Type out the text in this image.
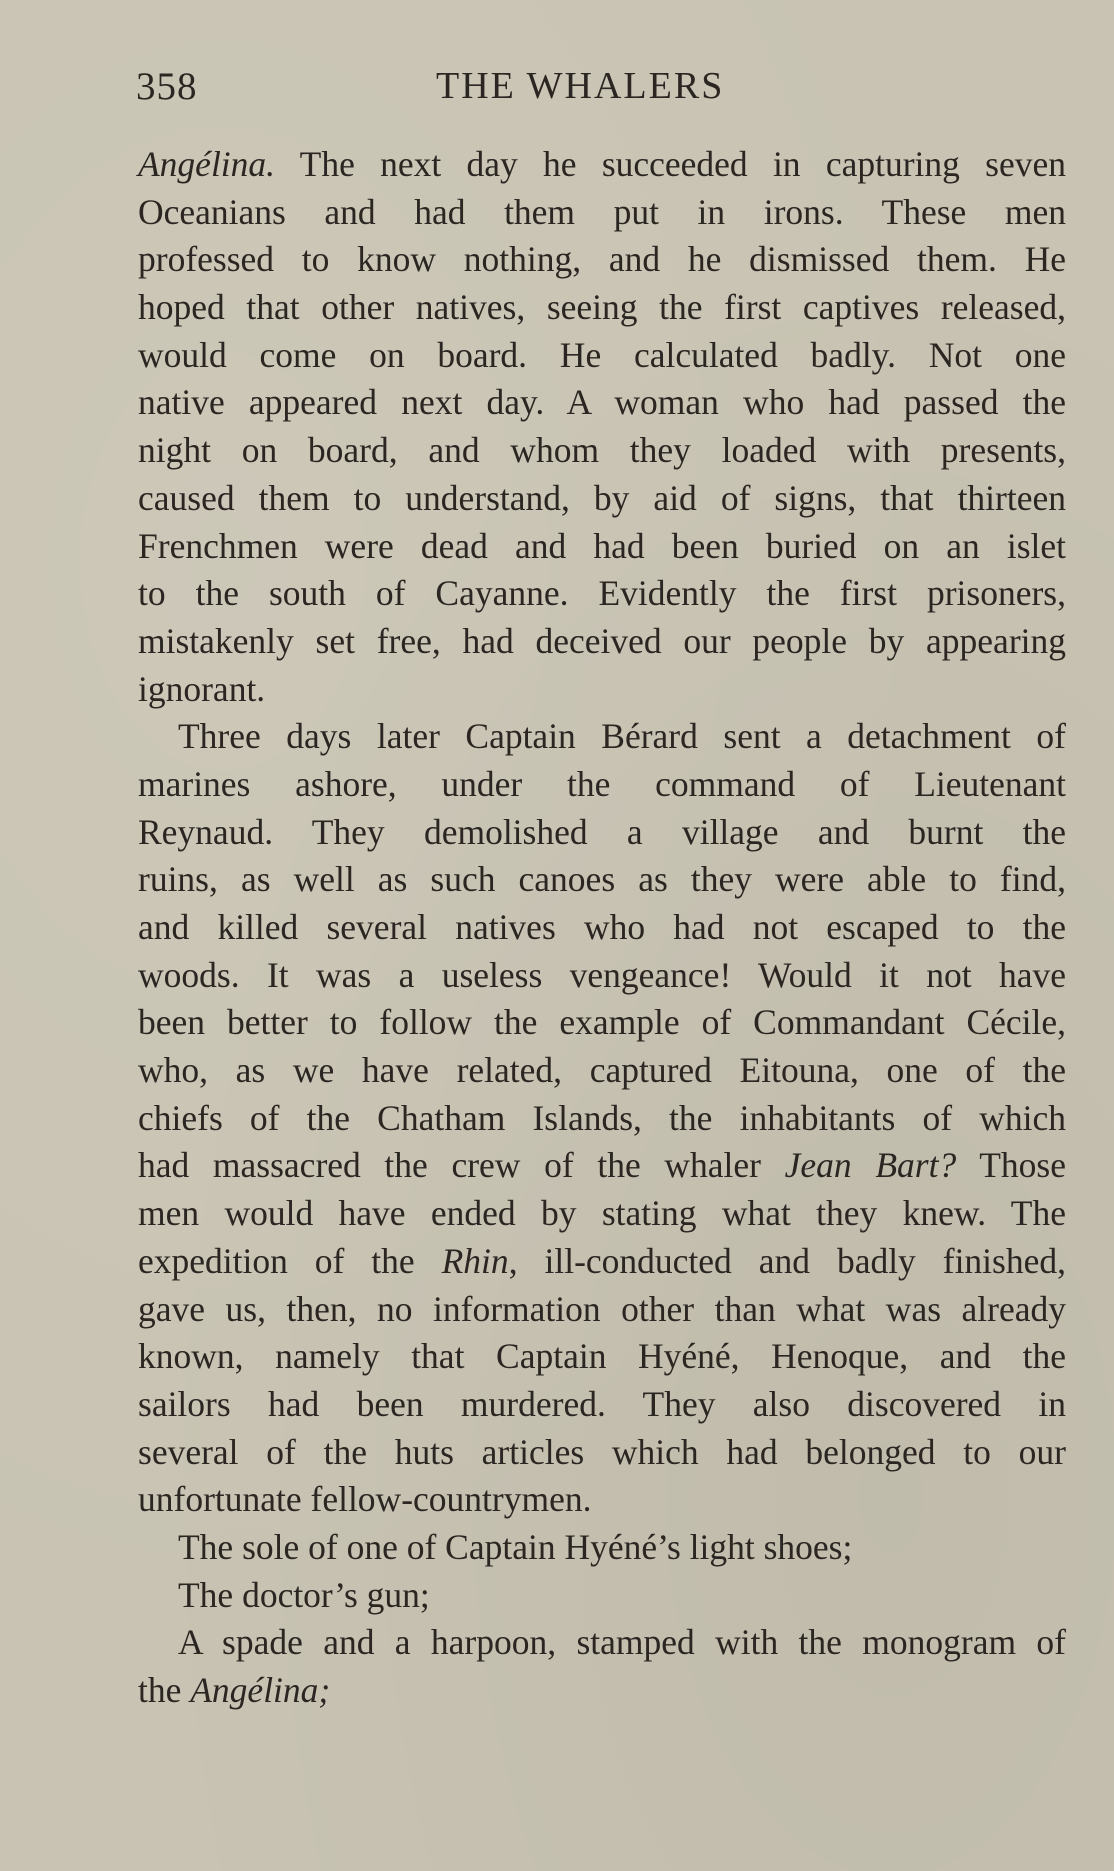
358	THE WHALERS
Angélina. The next day he succeeded in capturing seven
Oceanians and had them put in irons. These men
professed to know nothing, and he dismissed them. He
hoped that other natives, seeing the first captives released,
would come on board. He calculated badly. Not one
native appeared next day. A woman who had passed the
night on board, and whom they loaded with presents,
caused them to understand, by aid of signs, that thirteen
Frenchmen were dead and had been buried on an islet
to the south of Cayanne. Evidently the first prisoners,
mistakenly set free, had deceived our people by appearing
ignorant.
Three days later Captain Bérard sent a detachment of
marines ashore, under the command of Lieutenant
Reynaud. They demolished a village and burnt the
ruins, as well as such canoes as they were able to find,
and killed several natives who had not escaped to the
woods. It was a useless vengeance! Would it not have
been better to follow the example of Commandant Cécile,
who, as we have related, captured Eitouna, one of the
chiefs of the Chatham Islands, the inhabitants of which
had massacred the crew of the whaler Jean Bart? Those
men would have ended by stating what they knew. The
expedition of the Rhin, ill-conducted and badly finished,
gave us, then, no information other than what was already
known, namely that Captain Hyéné, Henoque, and the
sailors had been murdered. They also discovered in
several of the huts articles which had belonged to our
unfortunate fellow-countrymen.
The sole of one of Captain Hyéné’s light shoes;
The doctor’s gun;
A spade and a harpoon, stamped with the monogram of
the Angélina;
